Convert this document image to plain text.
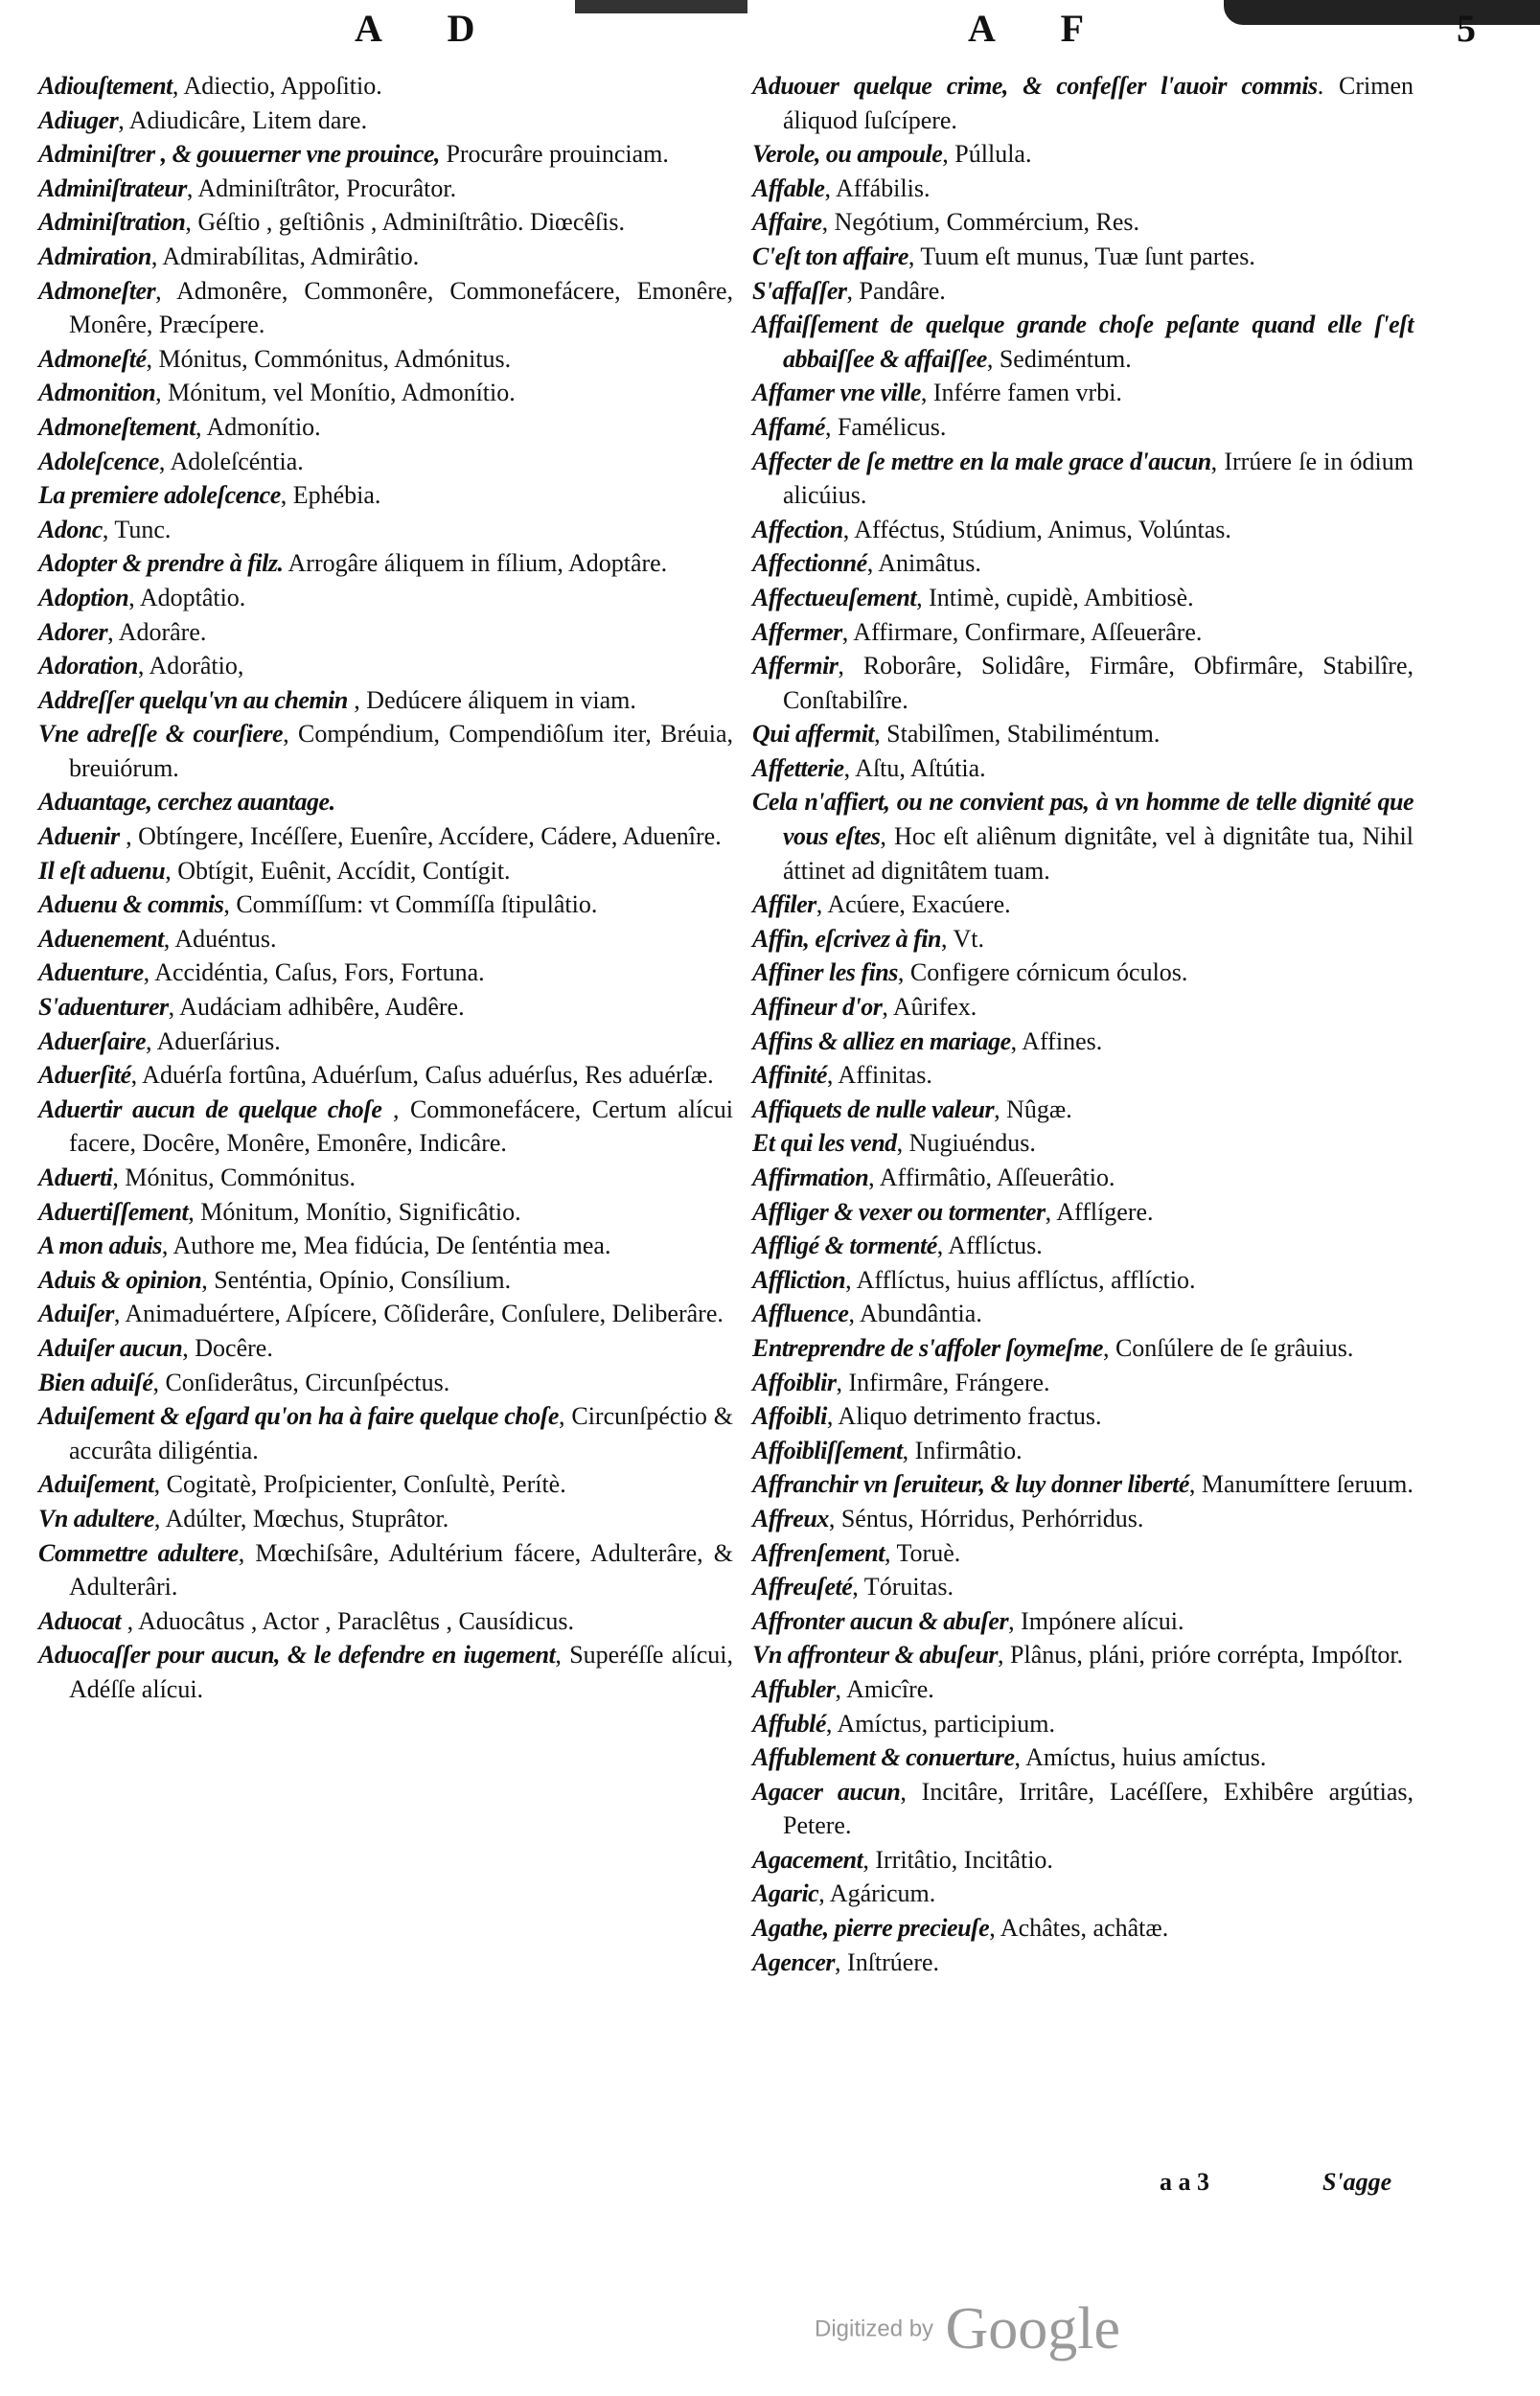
A D	A F	5

Adiouſtement, Adiectio, Appoſitio.

Adiuger, Adiudicâre, Litem dare.

Adminiſtrer , & gouuerner vne prouince, Procurâre prouinciam.

Adminiſtrateur, Adminiſtrâtor, Procurâtor.

Adminiſtration, Géſtio , geſtiônis , Adminiſtrâtio. Diœcêſis.

Admiration, Admirabílitas, Admirâtio.

Admoneſter, Admonêre, Commonêre, Commonefácere, Emonêre, Monêre, Præcípere.

Admoneſté, Mónitus, Commónitus, Admónitus.

Admonition, Mónitum, vel Monítio, Admonítio.

Admoneſtement, Admonítio.

Adoleſcence, Adoleſcéntia.

La premiere adoleſcence, Ephébia.

Adonc, Tunc.

Adopter & prendre à filz. Arrogâre áliquem in fílium, Adoptâre.

Adoption, Adoptâtio.

Adorer, Adorâre.

Adoration, Adorâtio,

Addreſſer quelqu'vn au chemin , Dedúcere áliquem in viam.

Vne adreſſe & courſiere, Compéndium, Compendiôſum iter, Bréuia, breuiórum.

Aduantage, cerchez auantage.

Aduenir , Obtíngere, Incéſſere, Euenîre, Accídere, Cádere, Aduenîre.

Il eſt aduenu, Obtígit, Euênit, Accídit, Contígit.

Aduenu & commis, Commíſſum: vt Commíſſa ſtipulâtio.

Aduenement, Aduéntus.

Aduenture, Accidéntia, Caſus, Fors, Fortuna.

S'aduenturer, Audáciam adhibêre, Audêre.

Aduerſaire, Aduerſárius.

Aduerſité, Aduérſa fortûna, Aduérſum, Caſus aduérſus, Res aduérſæ.

Aduertir aucun de quelque choſe , Commonefácere, Certum alícui facere, Docêre, Monêre, Emonêre, Indicâre.

Aduerti, Mónitus, Commónitus.

Aduertiſſement, Mónitum, Monítio, Significâtio.

A mon aduis, Authore me, Mea fidúcia, De ſenténtia mea.

Aduis & opinion, Senténtia, Opínio, Consílium.

Aduiſer, Animaduértere, Aſpícere, Cõſiderâre, Conſulere, Deliberâre.

Aduiſer aucun, Docêre.

Bien aduiſé, Conſiderâtus, Circunſpéctus.

Aduiſement & eſgard qu'on ha à faire quelque choſe, Circunſpéctio & accurâta diligéntia.

Aduiſement, Cogitatè, Proſpicienter, Conſultè, Perítè.

Vn adultere, Adúlter, Mœchus, Stuprâtor.

Commettre adultere, Mœchiſsâre, Adultérium fácere, Adulterâre, & Adulterâri.

Aduocat , Aduocâtus , Actor , Paraclêtus , Causídicus.

Aduocaſſer pour aucun, & le defendre en iugement, Superéſſe alícui, Adéſſe alícui.

Aduouer quelque crime, & confeſſer l'auoir commis. Crimen áliquod ſuſcípere.

Verole, ou ampoule, Púllula.

Affable, Affábilis.

Affaire, Negótium, Commércium, Res.

C'eſt ton affaire, Tuum eſt munus, Tuæ ſunt partes.

S'affaſſer, Pandâre.

Affaiſſement de quelque grande choſe peſante quand elle ſ'eſt abbaiſſee & affaiſſee, Sediméntum.

Affamer vne ville, Inférre famen vrbi.

Affamé, Famélicus.

Affecter de ſe mettre en la male grace d'aucun, Irrúere ſe in ódium alicúius.

Affection, Afféctus, Stúdium, Animus, Volúntas.

Affectionné, Animâtus.

Affectueuſement, Intimè, cupidè, Ambitiosè.

Affermer, Affirmare, Confirmare, Aſſeuerâre.

Affermir, Roborâre, Solidâre, Firmâre, Obfirmâre, Stabilîre, Conſtabilîre.

Qui affermit, Stabilîmen, Stabiliméntum.

Affetterie, Aſtu, Aſtútia.

Cela n'affiert, ou ne convient pas, à vn homme de telle dignité que vous eſtes, Hoc eſt aliênum dignitâte, vel à dignitâte tua, Nihil áttinet ad dignitâtem tuam.

Affiler, Acúere, Exacúere.

Affin, eſcrivez à fin, Vt.

Affiner les fins, Configere córnicum óculos.

Affineur d'or, Aûrifex.

Affins & alliez en mariage, Affines.

Affinité, Affinitas.

Affiquets de nulle valeur, Nûgæ.

Et qui les vend, Nugiuéndus.

Affirmation, Affirmâtio, Aſſeuerâtio.

Affliger & vexer ou tormenter, Afflígere.

Affligé & tormenté, Afflíctus.

Affliction, Afflíctus, huius afflíctus, afflíctio.

Affluence, Abundântia.

Entreprendre de s'affoler ſoymeſme, Conſúlere de ſe grâuius.

Affoiblir, Infirmâre, Frángere.

Affoibli, Aliquo detrimento fractus.

Affoibliſſement, Infirmâtio.

Affranchir vn ſeruiteur, & luy donner liberté, Manumíttere ſeruum.

Affreux, Séntus, Hórridus, Perhórridus.

Affrenſement, Toruè.

Affreuſeté, Tóruitas.

Affronter aucun & abuſer, Impónere alícui.

Vn affronteur & abuſeur, Plânus, pláni, prióre corrépta, Impóſtor.

Affubler, Amicîre.

Affublé, Amíctus, participium.

Affublement & conuerture, Amíctus, huius amíctus.

Agacer aucun, Incitâre, Irritâre, Lacéſſere, Exhibêre argútias, Petere.

Agacement, Irritâtio, Incitâtio.

Agaric, Agáricum.

Agathe, pierre precieuſe, Achâtes, achâtæ.

Agencer, Inſtrúere.

a a 3	S'agge
Digitized by Google
